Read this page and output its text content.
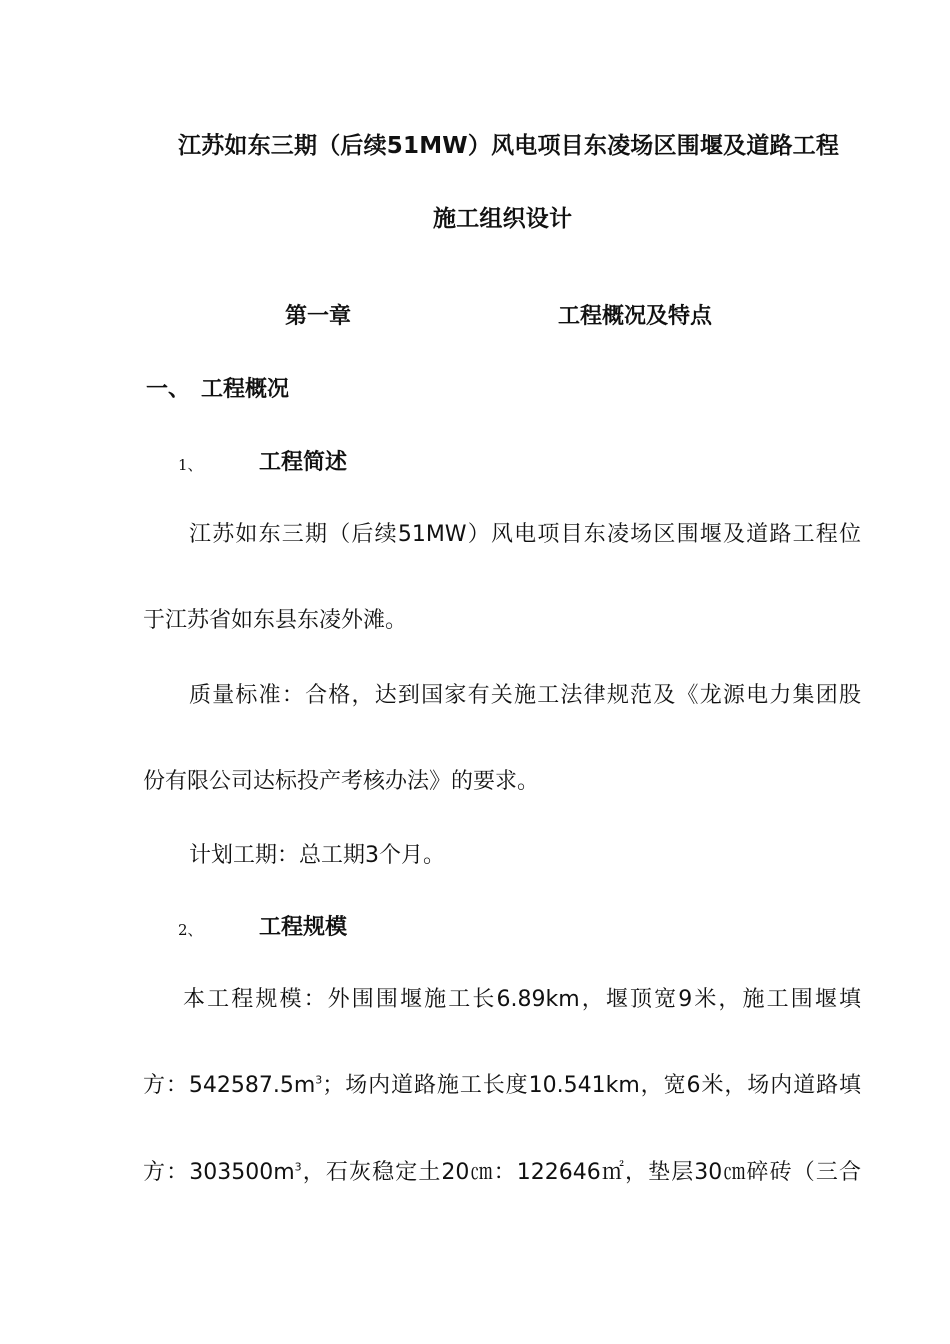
江苏如东三期（后续51MW）风电项目东凌场区围堰及道路工程
施工组织设计
第一章	工程概况及特点
一、 工程概况
1、	工程简述
江苏如东三期（后续51MW）风电项目东凌场区围堰及道路工程位
于江苏省如东县东凌外滩。
质量标准：合格，达到国家有关施工法律规范及《龙源电力集团股
份有限公司达标投产考核办法》的要求。
计划工期：总工期3个月。
2、	工程规模
本工程规模：外围围堰施工长6.89km，堰顶宽9米，施工围堰填
方：$542587.5m^3$；场内道路施工长度10.541km，宽6米，场内道路填
方：$303500m^3$，石灰稳定土20㎝：122646㎡，垫层30㎝碎砖（三合
